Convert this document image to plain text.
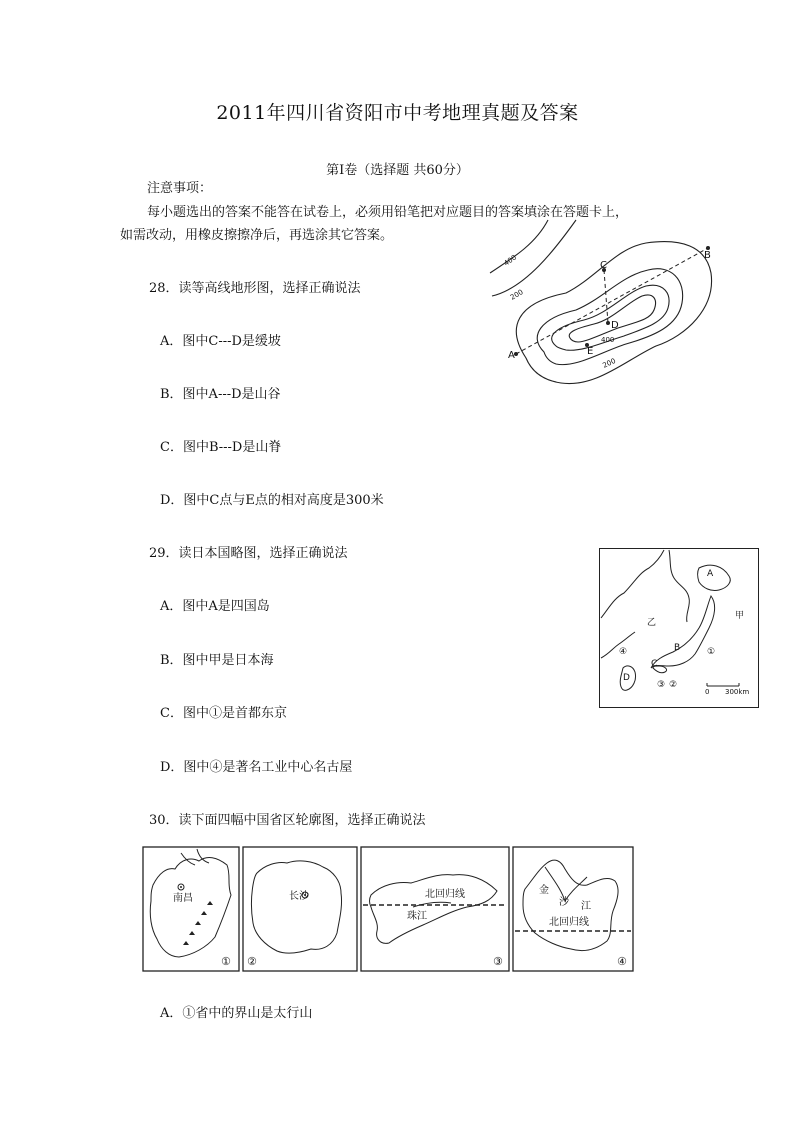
2011年四川省资阳市中考地理真题及答案
第Ⅰ卷（选择题 共60分）
注意事项：
每小题选出的答案不能答在试卷上，必须用铅笔把对应题目的答案填涂在答题卡上，
如需改动，用橡皮擦擦净后，再选涂其它答案。
28．读等高线地形图，选择正确说法
A．图中C---D是缓坡
B．图中A---D是山谷
C．图中B---D是山脊
D．图中C点与E点的相对高度是300米
A
B
C
D
E
400
200
400
200
29．读日本国略图，选择正确说法
A．图中A是四国岛
B．图中甲是日本海
C．图中①是首都东京
D．图中④是著名工业中心名古屋
A
B
C
D
乙
甲
①
②
③
④
0 300km
30．读下面四幅中国省区轮廓图，选择正确说法
南昌	长沙	北回归线
珠江
金
沙 江
北回归线
① ②	③	④
A．①省中的界山是太行山
